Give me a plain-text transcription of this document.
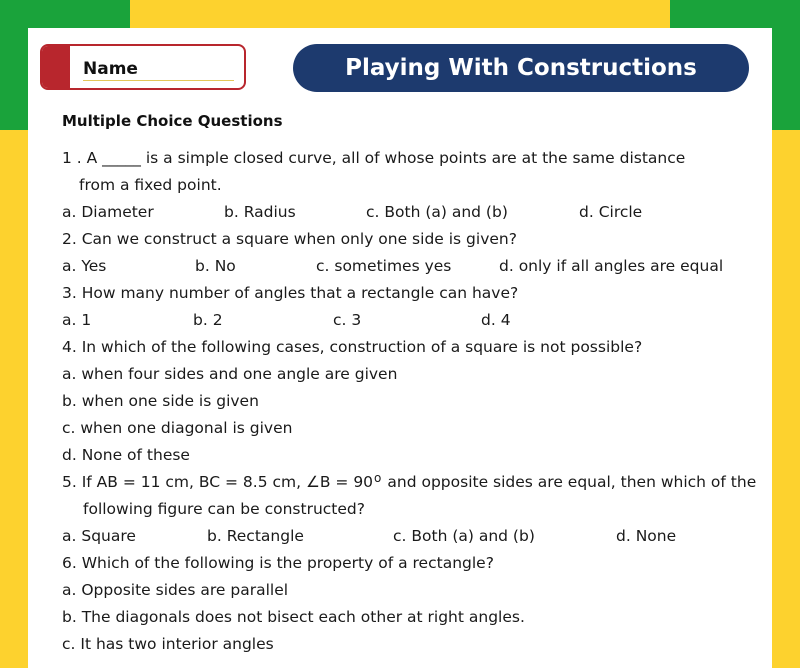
Name	Playing With Constructions
Multiple Choice Questions
1 . A _____ is a simple closed curve, all of whose points are at the same distance
from a fixed point.
a. Diameter	b. Radius	c. Both (a) and (b)	d. Circle
2. Can we construct a square when only one side is given?
a. Yes	b. No	c. sometimes yes	d. only if all angles are equal
3. How many number of angles that a rectangle can have?
a. 1	b. 2	c. 3	d. 4
4. In which of the following cases, construction of a square is not possible?
a. when four sides and one angle are given
b. when one side is given
c. when one diagonal is given
d. None of these
5. If AB = 11 cm, BC = 8.5 cm, ∠B = $90^o$ and opposite sides are equal, then which of the
following figure can be constructed?
a. Square	b. Rectangle	c. Both (a) and (b)	d. None
6. Which of the following is the property of a rectangle?
a. Opposite sides are parallel
b. The diagonals does not bisect each other at right angles.
c. It has two interior angles
